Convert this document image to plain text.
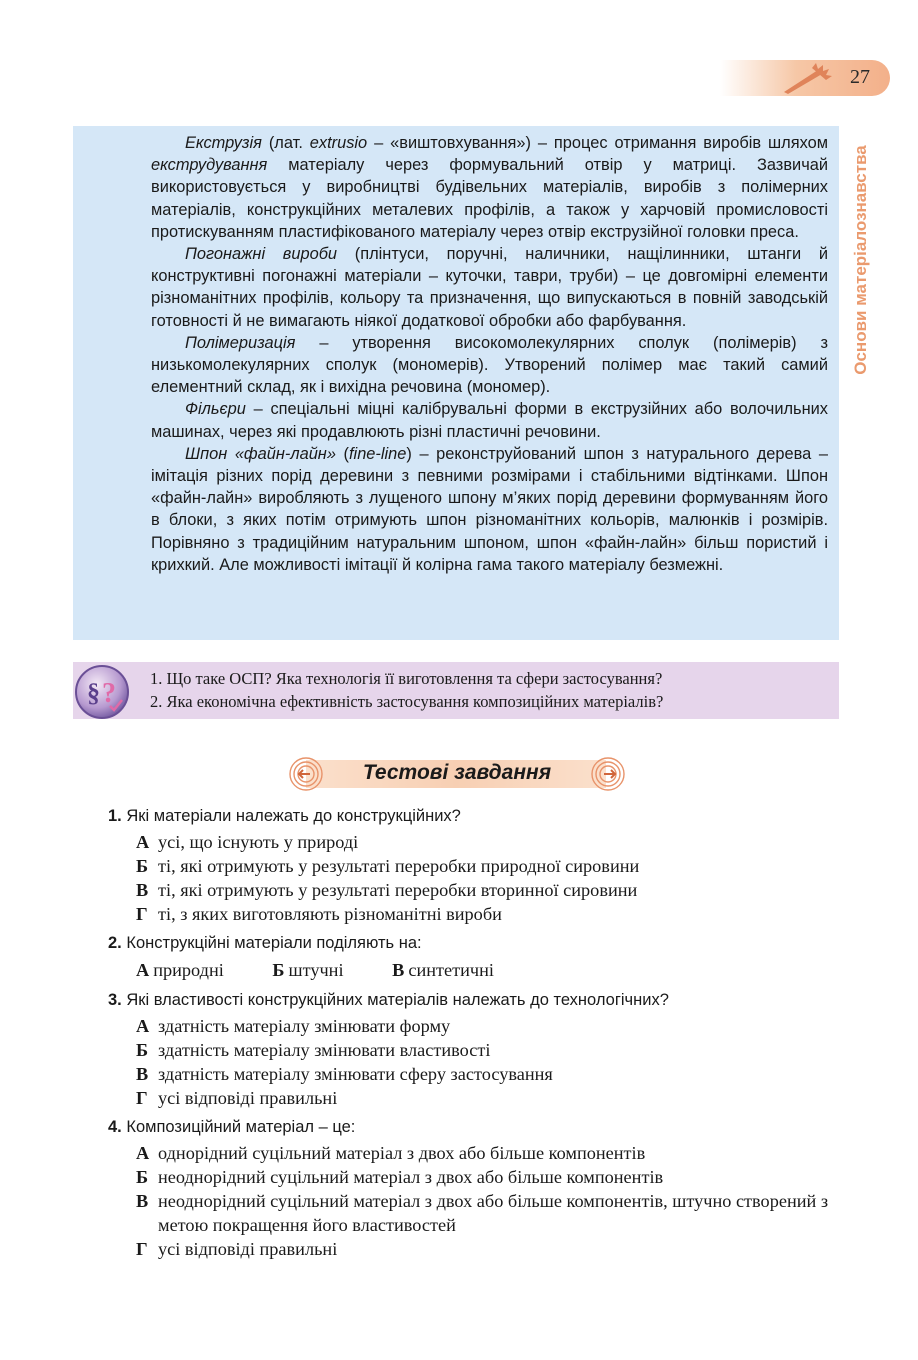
27
Основи матеріалознавства

Екструзія (лат. extrusio – «виштовхування») – процес отримання виробів шляхом екструдування матеріалу через формувальний отвір у матриці. Зазвичай використовується у виробництві будівельних матеріалів, виробів з полімерних матеріалів, конструкційних металевих профілів, а також у харчовій промисловості протискуванням пластифікованого матеріалу через отвір екструзійної головки преса.

Погонажні вироби (плінтуси, поручні, наличники, нащілинники, штанги й конструктивні погонажні матеріали – куточки, таври, труби) – це довгомірні елементи різноманітних профілів, кольору та призначення, що випускаються в повній заводській готовності й не вимагають ніякої додаткової обробки або фарбування.

Полімеризація – утворення високомолекулярних сполук (полімерів) з низькомолекулярних сполук (мономерів). Утворений полімер має такий самий елементний склад, як і вихідна речовина (мономер).

Фільєри – спеціальні міцні калібрувальні форми в екструзійних або волочильних машинах, через які продавлюють різні пластичні речовини.

Шпон «файн-лайн» (fine-line) – реконструйований шпон з натурального дерева – імітація різних порід деревини з певними розмірами і стабільними відтінками. Шпон «файн-лайн» виробляють з лущеного шпону м’яких порід деревини формуванням його в блоки, з яких потім отримують шпон різноманітних кольорів, малюнків і розмірів. Порівняно з традиційним натуральним шпоном, шпон «файн-лайн» більш пористий і крихкий. Але можливості імітації й колірна гама такого матеріалу безмежні.

§ ? 1. Що таке ОСП? Яка технологія її виготовлення та сфери застосування?
2. Яка економічна ефективність застосування композиційних матеріалів?
Тестові завдання
1. Які матеріали належать до конструкційних?
А усі, що існують у природі
Б ті, які отримують у результаті переробки природної сировини
В ті, які отримують у результаті переробки вторинної сировини
Г ті, з яких виготовляють різноманітні вироби
2. Конструкційні матеріали поділяють на:
А природні	Б штучні	В синтетичні
3. Які властивості конструкційних матеріалів належать до технологічних?
А здатність матеріалу змінювати форму
Б здатність матеріалу змінювати властивості
В здатність матеріалу змінювати сферу застосування
Г усі відповіді правильні
4. Композиційний матеріал – це:
А однорідний суцільний матеріал з двох або більше компонентів
Б неоднорідний суцільний матеріал з двох або більше компонентів
В неоднорідний суцільний матеріал з двох або більше компонентів, штучно створений з метою покращення його властивостей
Г усі відповіді правильні
